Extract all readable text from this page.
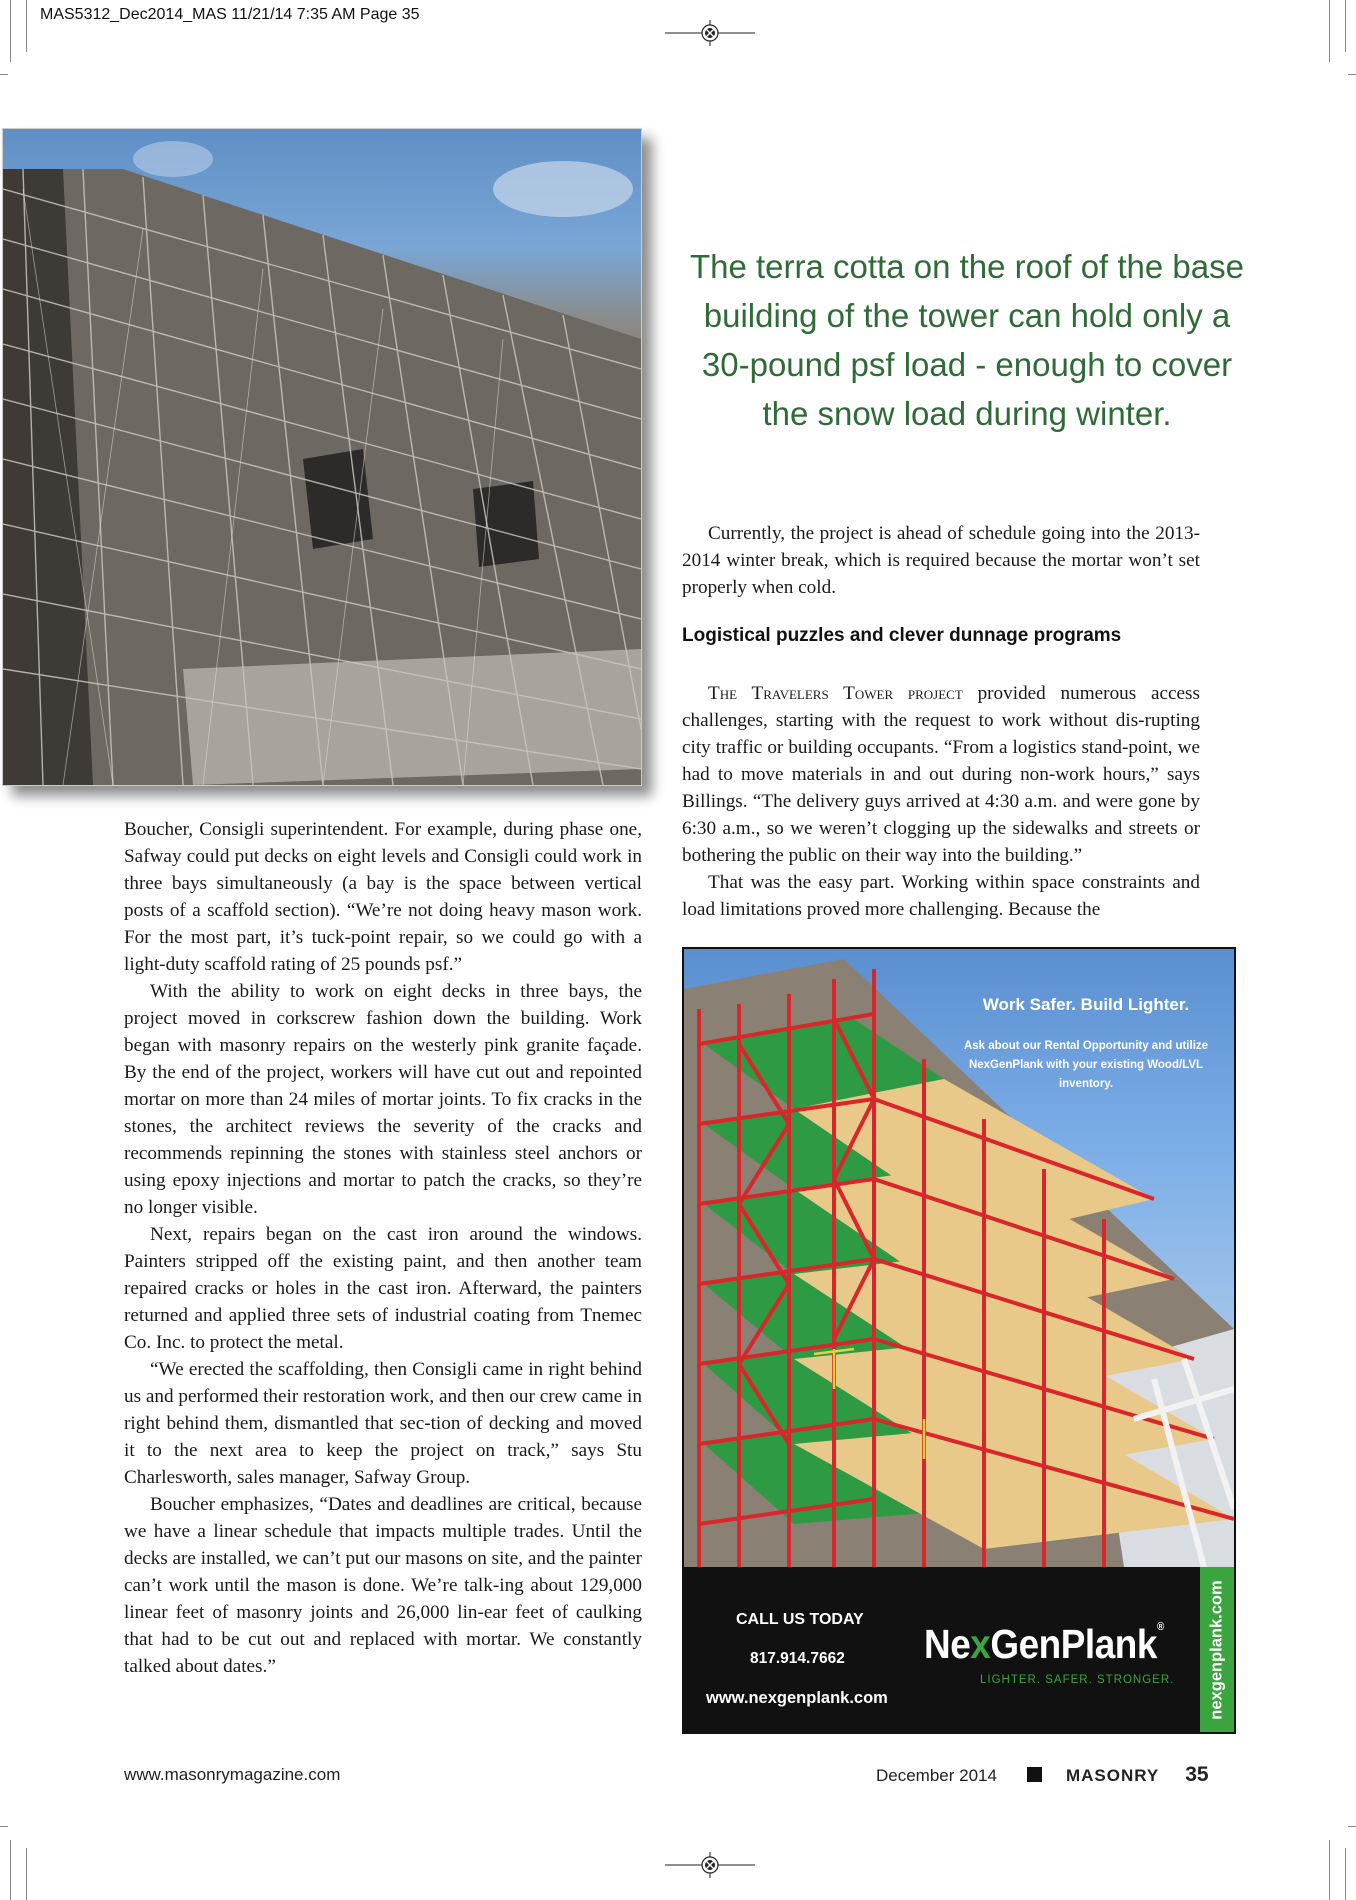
MAS5312_Dec2014_MAS 11/21/14 7:35 AM Page 35
The terra cotta on the roof of the base building of the tower can hold only a 30-pound psf load - enough to cover the snow load during winter.

Currently, the project is ahead of schedule going into the 2013-2014 winter break, which is required because the mortar won’t set properly when cold.

Logistical puzzles and clever dunnage programs

The Travelers Tower project provided numerous access challenges, starting with the request to work without dis-rupting city traffic or building occupants. “From a logistics stand-point, we had to move materials in and out during non-work hours,” says Billings. “The delivery guys arrived at 4:30 a.m. and were gone by 6:30 a.m., so we weren’t clogging up the sidewalks and streets or bothering the public on their way into the building.”

That was the easy part. Working within space constraints and load limitations proved more challenging. Because the

Boucher, Consigli superintendent. For example, during phase one, Safway could put decks on eight levels and Consigli could work in three bays simultaneously (a bay is the space between vertical posts of a scaffold section). “We’re not doing heavy mason work. For the most part, it’s tuck-point repair, so we could go with a light-duty scaffold rating of 25 pounds psf.”

With the ability to work on eight decks in three bays, the project moved in corkscrew fashion down the building. Work began with masonry repairs on the westerly pink granite façade. By the end of the project, workers will have cut out and repointed mortar on more than 24 miles of mortar joints. To fix cracks in the stones, the architect reviews the severity of the cracks and recommends repinning the stones with stainless steel anchors or using epoxy injections and mortar to patch the cracks, so they’re no longer visible.

Next, repairs began on the cast iron around the windows. Painters stripped off the existing paint, and then another team repaired cracks or holes in the cast iron. Afterward, the painters returned and applied three sets of industrial coating from Tnemec Co. Inc. to protect the metal.

“We erected the scaffolding, then Consigli came in right behind us and performed their restoration work, and then our crew came in right behind them, dismantled that sec-tion of decking and moved it to the next area to keep the project on track,” says Stu Charlesworth, sales manager, Safway Group.

Boucher emphasizes, “Dates and deadlines are critical, because we have a linear schedule that impacts multiple trades. Until the decks are installed, we can’t put our masons on site, and the painter can’t work until the mason is done. We’re talk-ing about 129,000 linear feet of masonry joints and 26,000 lin-ear feet of caulking that had to be cut out and replaced with mortar. We constantly talked about dates.”

Work Safer. Build Lighter.
Ask about our Rental Opportunity and utilize NexGenPlank with your existing Wood/LVL inventory.
CALL US TODAY
817.914.7662
www.nexgenplank.com
NexGenPlank®
LIGHTER. SAFER. STRONGER. nexgenplank.com
www.masonrymagazine.com	December 2014	MASONRY 35
